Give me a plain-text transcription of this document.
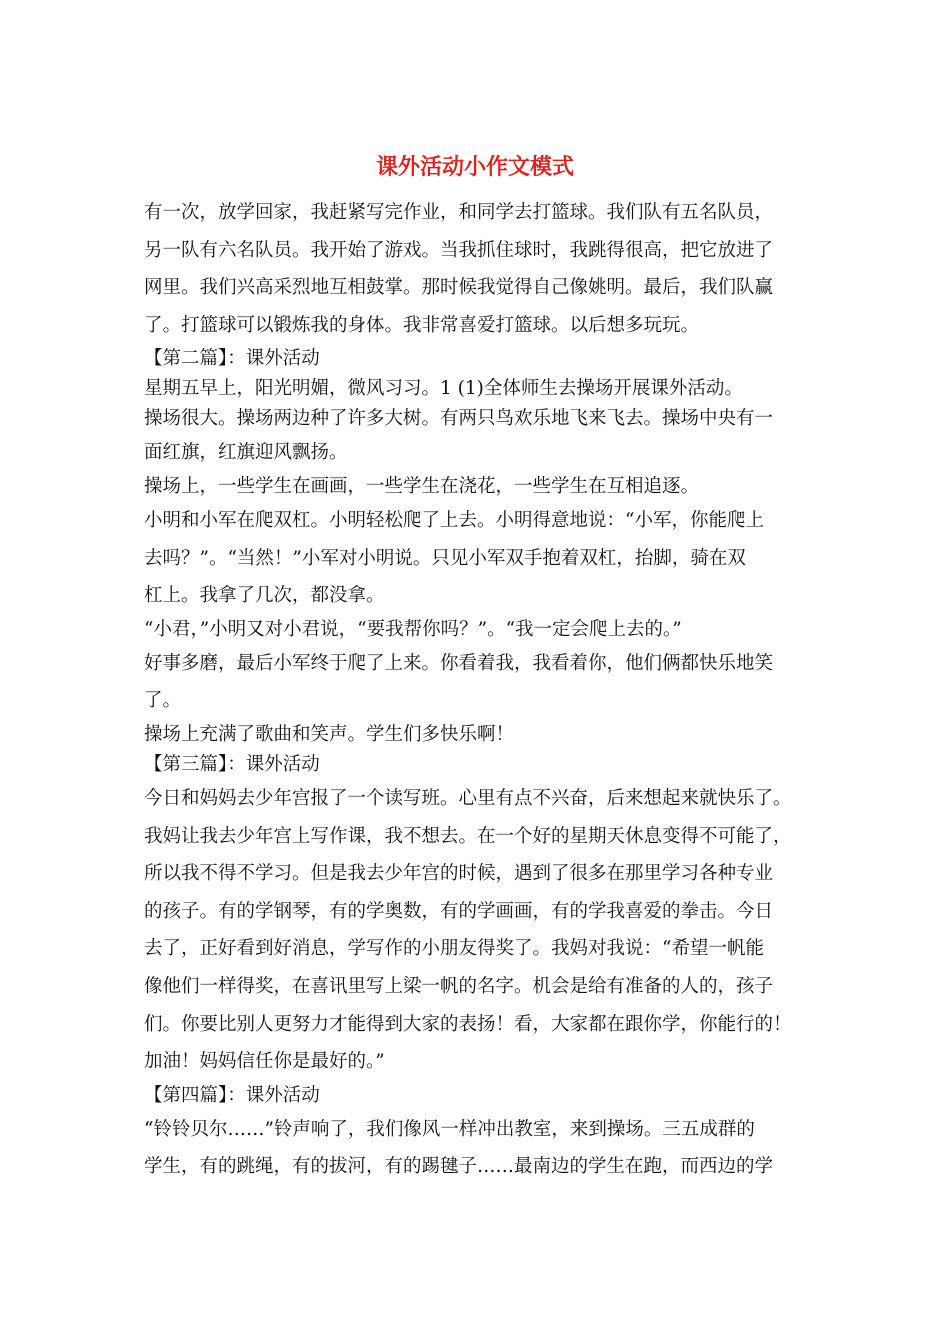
课外活动小作文模式

有一次，放学回家，我赶紧写完作业，和同学去打篮球。我们队有五名队员，

另一队有六名队员。我开始了游戏。当我抓住球时，我跳得很高，把它放进了

网里。我们兴高采烈地互相鼓掌。那时候我觉得自己像姚明。最后，我们队赢

了。打篮球可以锻炼我的身体。我非常喜爱打篮球。以后想多玩玩。

【第二篇】：课外活动

星期五早上，阳光明媚，微风习习。1 (1)全体师生去操场开展课外活动。

操场很大。操场两边种了许多大树。有两只鸟欢乐地飞来飞去。操场中央有一

面红旗，红旗迎风飘扬。

操场上，一些学生在画画，一些学生在浇花，一些学生在互相追逐。

小明和小军在爬双杠。小明轻松爬了上去。小明得意地说：“小军，你能爬上

去吗？”。“当然！”小军对小明说。只见小军双手抱着双杠，抬脚，骑在双

杠上。我拿了几次，都没拿。

“小君，”小明又对小君说，“要我帮你吗？”。“我一定会爬上去的。”

好事多磨，最后小军终于爬了上来。你看着我，我看着你，他们俩都快乐地笑

了。

操场上充满了歌曲和笑声。学生们多快乐啊！

【第三篇】：课外活动

今日和妈妈去少年宫报了一个读写班。心里有点不兴奋，后来想起来就快乐了。

我妈让我去少年宫上写作课，我不想去。在一个好的星期天休息变得不可能了，

所以我不得不学习。但是我去少年宫的时候，遇到了很多在那里学习各种专业

的孩子。有的学钢琴，有的学奥数，有的学画画，有的学我喜爱的拳击。今日

去了，正好看到好消息，学写作的小朋友得奖了。我妈对我说：“希望一帆能

像他们一样得奖，在喜讯里写上梁一帆的名字。机会是给有准备的人的，孩子

们。你要比别人更努力才能得到大家的表扬！看，大家都在跟你学，你能行的！

加油！妈妈信任你是最好的。”

【第四篇】：课外活动

“铃铃贝尔……”铃声响了，我们像风一样冲出教室，来到操场。三五成群的

学生，有的跳绳，有的拔河，有的踢毽子……最南边的学生在跑，而西边的学
